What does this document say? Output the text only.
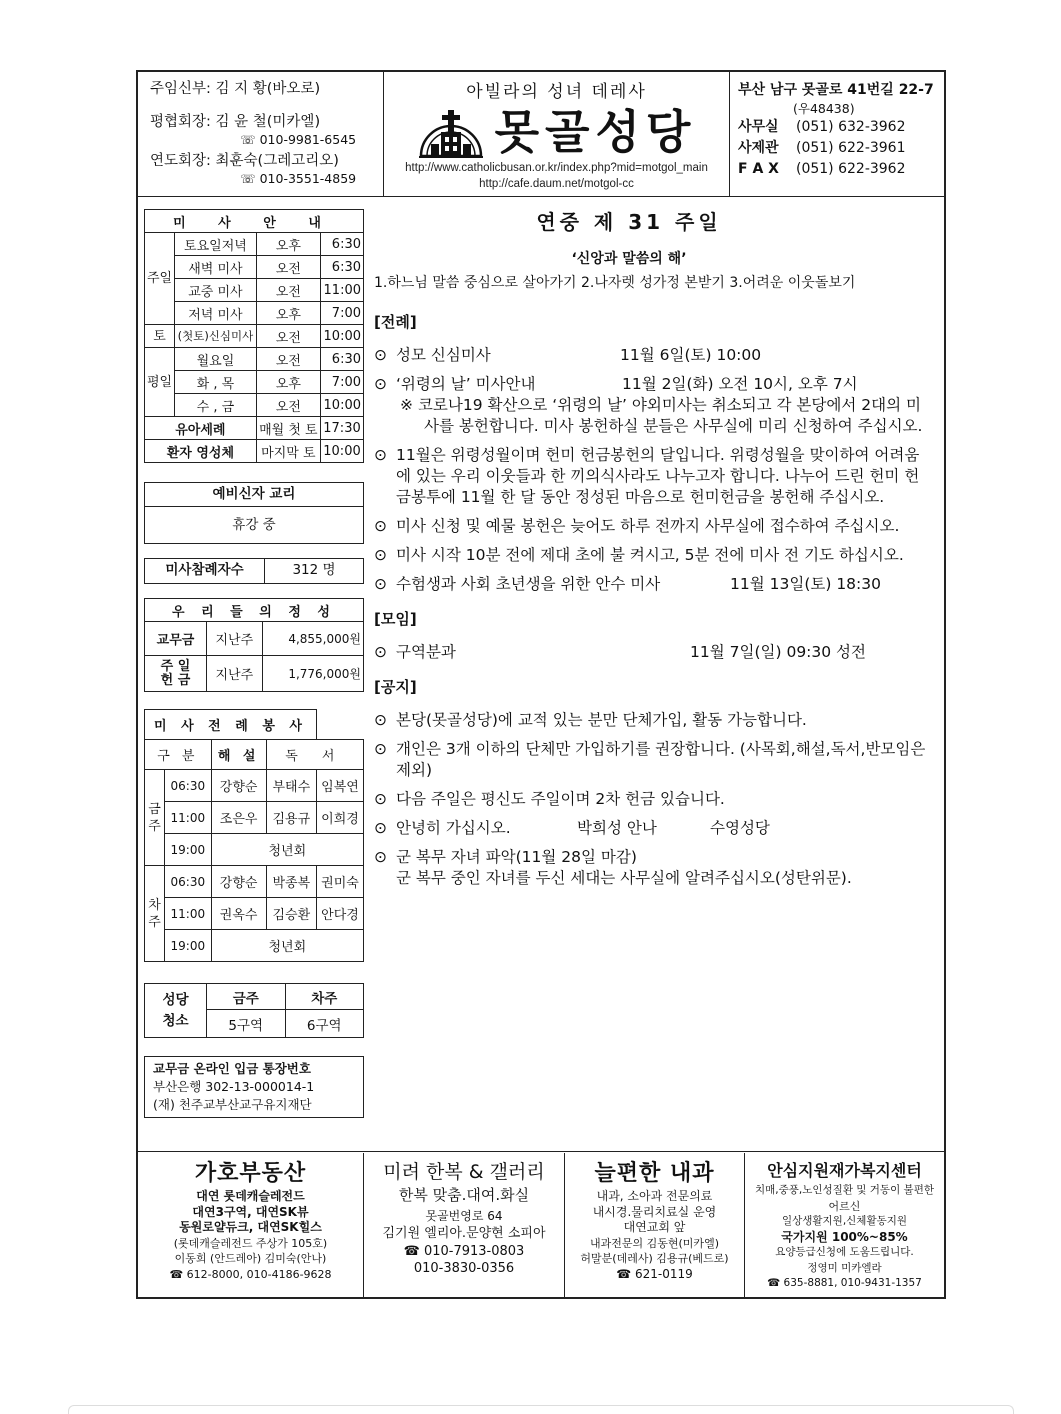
주임신부: 김 지 황(바오로)
평협회장: 김 윤 철(미카엘)
☏ 010-9981-6545
연도회장: 최훈숙(그레고리오)
☏ 010-3551-4859
아빌라의 성녀 데레사
못골성당
http://www.catholicbusan.or.kr/index.php?mid=motgol_main
http://cafe.daum.net/motgol-cc
부산 남구 못골로 41번길 22-7
(우48438)
사무실 (051) 632-3962
사제관 (051) 622-3961
F A X (051) 622-3962
미 사 안 내			
주일	토요일저녁	오후	6:30
	새벽 미사	오전	6:30
	교중 미사	오전	11:00
	저녁 미사	오후	7:00
토	(첫토)신심미사	오전	10:00
평일	월요일	오전	6:30
	화 , 목	오후	7:00
	수 , 금	오전	10:00
유아세례		매월 첫 토	17:30
환자 영성체		마지막 토	10:00
예비신자 교리
휴강 중
미사참례자수	312 명
우 리 들 의 정 성		
교무금	지난주	4,855,000원
주 일
헌 금	지난주	1,776,000원
미 사 전 례 봉 사				
구 분		해 설	독 서	
금주	06:30	강향순	부태수	임복연
	11:00	조은우	김용규	이희경
	19:00	청년회		
차주	06:30	강향순	박종복	권미숙
	11:00	권옥수	김승환	안다경
	19:00	청년회		
성당
청소	금주	차주
	5구역	6구역
교무금 온라인 입금 통장번호
부산은행 302-13-000014-1
(재) 천주교부산교구유지재단
연중 제 31 주일
‘신앙과 말씀의 해’
1.하느님 말씀 중심으로 살아가기 2.나자렛 성가정 본받기 3.어려운 이웃돌보기
[전례]
⊙ 성모 신심미사	11월 6일(토) 10:00
⊙ ‘위령의 날’ 미사안내	11월 2일(화) 오전 10시, 오후 7시
※ 코로나19 확산으로 ‘위령의 날’ 야외미사는 취소되고 각 본당에서 2대의 미사를 봉헌합니다. 미사 봉헌하실 분들은 사무실에 미리 신청하여 주십시오.
⊙ 11월은 위령성월이며 헌미 헌금봉헌의 달입니다. 위령성월을 맞이하여 어려움에 있는 우리 이웃들과 한 끼의식사라도 나누고자 합니다. 나누어 드린 헌미 헌금봉투에 11월 한 달 동안 정성된 마음으로 헌미헌금을 봉헌해 주십시오.
⊙ 미사 신청 및 예물 봉헌은 늦어도 하루 전까지 사무실에 접수하여 주십시오.
⊙ 미사 시작 10분 전에 제대 초에 불 켜시고, 5분 전에 미사 전 기도 하십시오.
⊙ 수험생과 사회 초년생을 위한 안수 미사	11월 13일(토) 18:30
[모임]
⊙ 구역분과	11월 7일(일) 09:30 성전
[공지]
⊙ 본당(못골성당)에 교적 있는 분만 단체가입, 활동 가능합니다.
⊙ 개인은 3개 이하의 단체만 가입하기를 권장합니다. (사목회,해설,독서,반모임은 제외)
⊙ 다음 주일은 평신도 주일이며 2차 헌금 있습니다.
⊙ 안녕히 가십시오.	박희성 안나	수영성당
⊙ 군 복무 자녀 파악(11월 28일 마감)
군 복무 중인 자녀를 두신 세대는 사무실에 알려주십시오(성탄위문).
가호부동산
대연 롯데캐슬레전드
대연3구역, 대연SK뷰
동원로얄듀크, 대연SK힐스
(롯데캐슬레전드 주상가 105호)
이동희 (안드레아) 김미숙(안나)
☎ 612-8000, 010-4186-9628
미려 한복 & 갤러리
한복 맞춤.대여.화실
못골번영로 64
김기원 엘리아.문양현 소피아
☎ 010-7913-0803
010-3830-0356
늘편한 내과
내과, 소아과 전문의료
내시경.물리치료실 운영
대연교회 앞
내과전문의 김동현(미카엘)
허말분(데레사) 김용규(베드로)
☎ 621-0119
안심지원재가복지센터
치매,중풍,노인성질환 및 거동이 불편한
어르신
일상생활지원,신체활동지원
국가지원 100%~85%
요양등급신청에 도움드립니다.
정영미 미카엘라
☎ 635-8881, 010-9431-1357
